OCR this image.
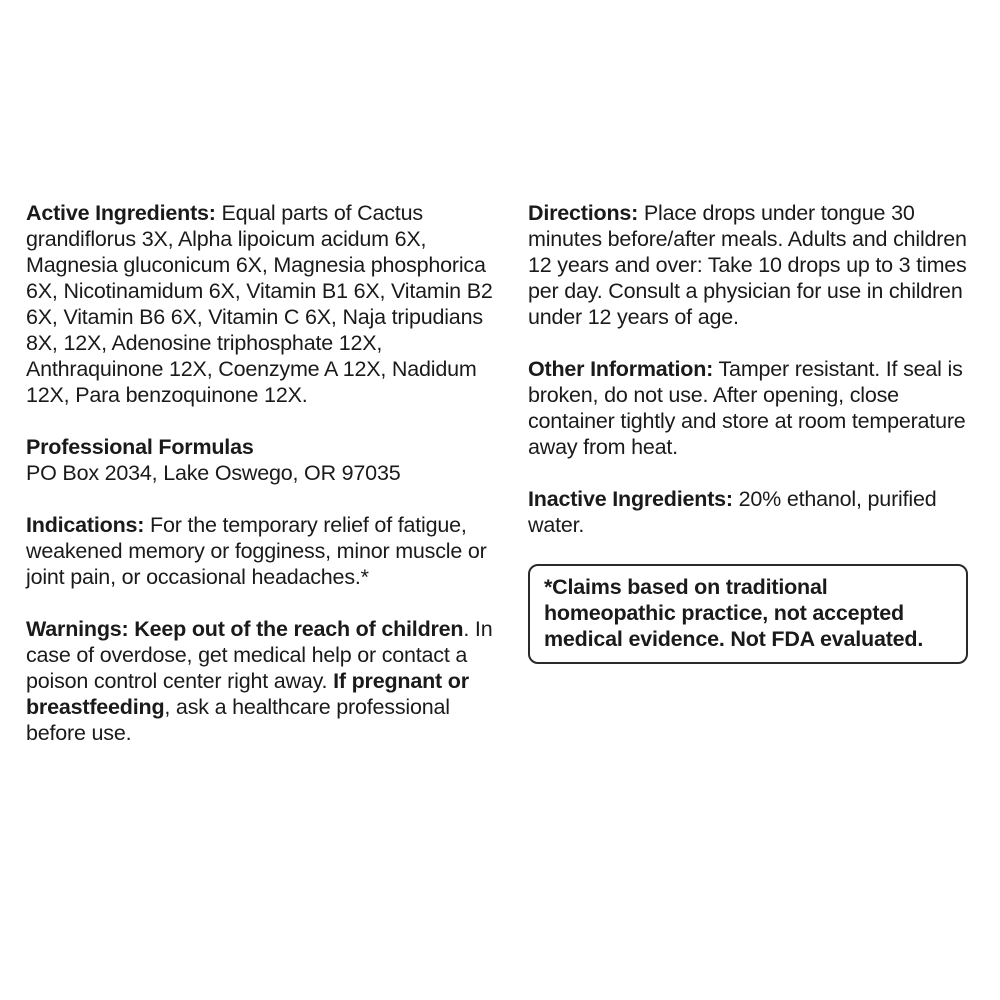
Active Ingredients: Equal parts of Cactus grandiflorus 3X, Alpha lipoicum acidum 6X, Magnesia gluconicum 6X, Magnesia phosphorica 6X, Nicotinamidum 6X, Vitamin B1 6X, Vitamin B2 6X, Vitamin B6 6X, Vitamin C 6X, Naja tripudians 8X, 12X, Adenosine triphosphate 12X, Anthraquinone 12X, Coenzyme A 12X, Nadidum 12X, Para benzoquinone 12X.

Professional Formulas

PO Box 2034, Lake Oswego, OR 97035

Indications: For the temporary relief of fatigue, weakened memory or fogginess, minor muscle or joint pain, or occasional headaches.*

Warnings: Keep out of the reach of children. In case of overdose, get medical help or contact a poison control center right away. If pregnant or breastfeeding, ask a healthcare professional before use.

Directions: Place drops under tongue 30 minutes before/after meals. Adults and children 12 years and over: Take 10 drops up to 3 times per day. Consult a physician for use in children under 12 years of age.

Other Information: Tamper resistant. If seal is broken, do not use. After opening, close container tightly and store at room temperature away from heat.

Inactive Ingredients: 20% ethanol, purified water.

*Claims based on traditional homeopathic practice, not accepted medical evidence. Not FDA evaluated.
